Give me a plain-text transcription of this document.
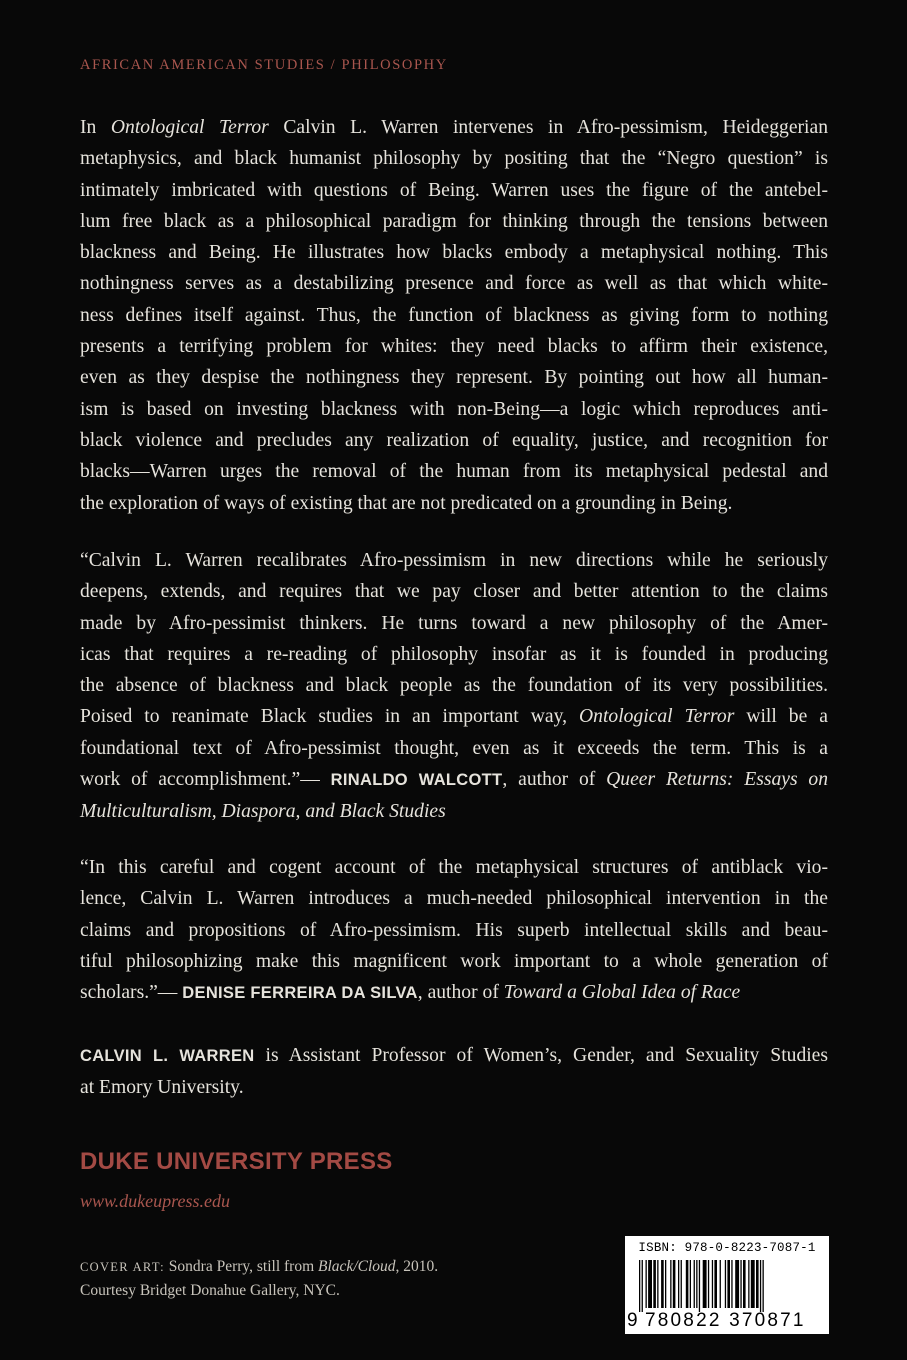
AFRICAN AMERICAN STUDIES / PHILOSOPHY

In Ontological Terror Calvin L. Warren intervenes in Afro-pessimism, Heideggerian
metaphysics, and black humanist philosophy by positing that the “Negro question” is
intimately imbricated with questions of Being. Warren uses the figure of the antebel-
lum free black as a philosophical paradigm for thinking through the tensions between
blackness and Being. He illustrates how blacks embody a metaphysical nothing. This
nothingness serves as a destabilizing presence and force as well as that which white-
ness defines itself against. Thus, the function of blackness as giving form to nothing
presents a terrifying problem for whites: they need blacks to affirm their existence,
even as they despise the nothingness they represent. By pointing out how all human-
ism is based on investing blackness with non-Being—a logic which reproduces anti-
black violence and precludes any realization of equality, justice, and recognition for
blacks—Warren urges the removal of the human from its metaphysical pedestal and
the exploration of ways of existing that are not predicated on a grounding in Being.

“Calvin L. Warren recalibrates Afro-pessimism in new directions while he seriously
deepens, extends, and requires that we pay closer and better attention to the claims
made by Afro-pessimist thinkers. He turns toward a new philosophy of the Amer-
icas that requires a re-reading of philosophy insofar as it is founded in producing
the absence of blackness and black people as the foundation of its very possibilities.
Poised to reanimate Black studies in an important way, Ontological Terror will be a
foundational text of Afro-pessimist thought, even as it exceeds the term. This is a
work of accomplishment.”— RINALDO WALCOTT, author of Queer Returns: Essays on
Multiculturalism, Diaspora, and Black Studies

“In this careful and cogent account of the metaphysical structures of antiblack vio-
lence, Calvin L. Warren introduces a much-needed philosophical intervention in the
claims and propositions of Afro-pessimism. His superb intellectual skills and beau-
tiful philosophizing make this magnificent work important to a whole generation of
scholars.”— DENISE FERREIRA DA SILVA, author of Toward a Global Idea of Race

CALVIN L. WARREN is Assistant Professor of Women’s, Gender, and Sexuality Studies
at Emory University.

DUKE UNIVERSITY PRESS
www.dukeupress.edu
COVER ART: Sondra Perry, still from Black/Cloud, 2010.
Courtesy Bridget Donahue Gallery, NYC.
ISBN: 978-0-8223-7087-1
9 780822 370871
